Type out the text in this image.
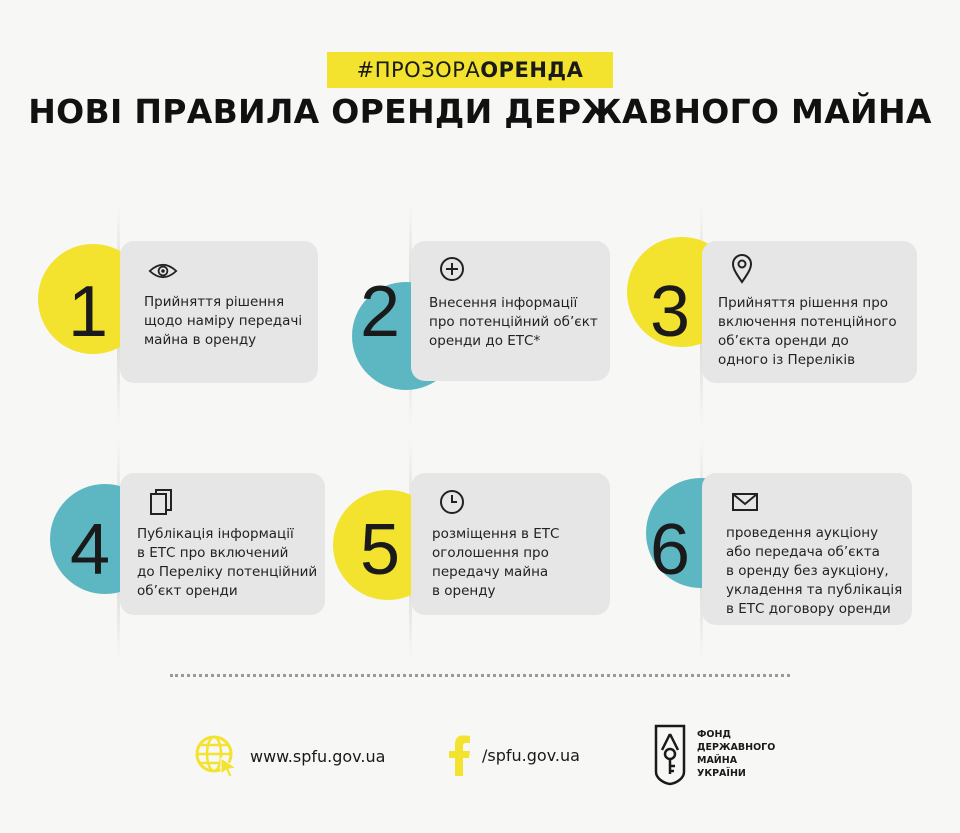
#ПРОЗОРА ОРЕНДА
НОВІ ПРАВИЛА ОРЕНДИ ДЕРЖАВНОГО МАЙНА
1	Прийняття рішення
щодо наміру передачі
майна в оренду	2	Внесення інформації
про потенційний об’єкт
оренди до ЕТС*	3	Прийняття рішення про
включення потенційного
об’єкта оренди до
одного із Переліків
4	Публікація інформації
в ЕТС про включений
до Переліку потенційний
об’єкт оренди
5	розміщення в ЕТС
оголошення про
передачу майна
в оренду
6	проведення аукціону
або передача об’єкта
в оренду без аукціону,
укладення та публікація
в ЕТС договору оренди
www.spfu.gov.ua	/spfu.gov.ua
ФОНД
ДЕРЖАВНОГО
МАЙНА
УКРАЇНИ
